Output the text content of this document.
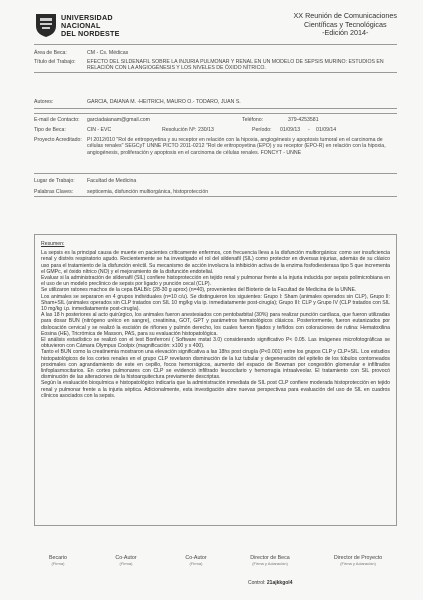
UNIVERSIDAD
NACIONAL
DEL NORDESTE
XX Reunión de Comunicaciones
Científicas y Tecnológicas
-Edición 2014-
Área de Beca:	CM - Cs. Médicas
Título del Trabajo: EFECTO DEL SILDENAFIL SOBRE LA INJURIA PULMONAR Y RENAL EN UN MODELO DE SEPSIS MURINO: ESTUDIOS EN RELACIÓN CON LA ANGIOGÉNESIS Y LOS NIVELES DE ÓXIDO NÍTRICO.
Autores:	GARCIA, DAIANA M. -HEITRICH, MAURO O.- TODARO, JUAN S.
E-mail de Contacto: garciadaianam@gmail.com	Teléfono:	379-4253581
Tipo de Beca:	CIN - EVC	Resolución Nº: 230/13	Período: 01/09/13 - 01/09/14
Proyecto Acreditado: PI 2012/010 "Rol de eritropoyetina y su receptor en relación con la hipoxia, angiogénesis y apoptosis tumoral en el carcinoma de células renales" SEGCyT UNNE PICTO 2011-0212 "Rol de eritropoyetina (EPO) y su receptor (EPO-R) en relación con la hipoxia, angiogénesis, proliferación y apoptosis en el carcinoma de células renales. FONCYT - UNNE
Lugar de Trabajo: Facultad de Medicina
Palabras Claves:	septicemia, disfunción multiorgánica, histoprotección
Resumen:

La sepsis es la principal causa de muerte en pacientes críticamente enfermos, con frecuencia lleva a la disfunción multiorgánica: como ser insuficiencia renal y distrés respiratorio agudo. Recientemente se ha investigado el rol del sildenafil (SIL) como protector en diversas injurias, además de su clásico uso para el tratamiento de la disfunción eréctil. Su mecanismo de acción involucra la inhibición activa de la enzima fosfodiesterasa tipo 5 que incrementa el GMPc, el óxido nítrico (NO) y el mejoramiento de la disfunción endotelial.

Evaluar si la administración de sildenafil (SIL) confiere histoprotección en tejido renal y pulmonar frente a la injuria inducida por sepsis polimicrobiana en el uso de un modelo preclínico de sepsis por ligado y punción cecal (CLP).

Se utilizaron ratones machos de la cepa BALB/c (28-30 g aprox) (n=40), provenientes del Bioterio de la Facultad de Medicina de la UNNE.

Los animales se separaron en 4 grupos individuales (n=10 c/u). Se distinguieron los siguientes: Grupo I: Sham (animales operados sin CLP), Grupo II: Sham+SIL (animales operados sin CLP tratados con SIL 10 mg/kg vía ip. inmediatamente post-cirugía); Grupo III: CLP y Grupo IV (CLP tratados con SIL 10 mg/kg i.p. inmediatamente post-cirugía).

A las 18 h posteriores al acto quirúrgico, los animales fueron anestesiados con pentobarbital (30%) para realizar punción cardíaca, que fueron utilizadas para dosar BUN (nitrógeno uréico en sangre), creatinina, GOT, GPT y parámetros hematológicos clásicos. Posteriormente, fueron eutanizados por dislocación cervical y se realizó la escisión de riñones y pulmón derecho, los cuales fueron fijados y teñidos con coloraciones de rutina: Hematoxilina Eosina (HE), Tricrómica de Masson, PAS, para su evaluación histopatológica.

El análisis estadístico se realizó con el test Bonferroni ( Software mstat 3.0) considerando significativo P< 0.05. Las imágenes microfotográficas se obtuvieron con Cámara Olympus Coolpix (magnificación: x100 y x 400).

Tanto el BUN como la creatinemia mostraron una elevación significativa a las 18hs post cirugía (P<0.001) entre los grupos CLP y CLP+SIL. Los estudios histopatológicos de los cortes renales en el grupo CLP revelaron disminución de la luz tubular y degeneración del epitelio de los túbulos contorneados proximales con agrandamiento de este en cepillo, focos hemorrágicos, aumento del espacio de Bowman por congestión glomerular e infiltrados linfoplasmocitarios. En cortes pulmonares con CLP se evidenció infiltrado leucocitario y hemorragia intraalveolar. El tratamiento con SIL provocó disminución de las alteraciones de la histoarquitectura previamente descriptas.

Según la evaluación bioquímica e histopatológico indicaría que la administración inmediata de SIL post CLP confiere moderada histoprotección en tejido renal y pulmonar frente a la injuria séptica. Adicionalmente, esta investigación abre nuevas perspectivas para evaluación del uso de SIL en cuadros clínicos asociados con la sepsis.

Becario
(Firma)
Co-Autor
(Firma)
Co-Autor
(Firma)
Director de Beca
(Firma y Aclaración)
Director de Proyecto
(Firma y Aclaración)
Control: 21ajkkgol4
